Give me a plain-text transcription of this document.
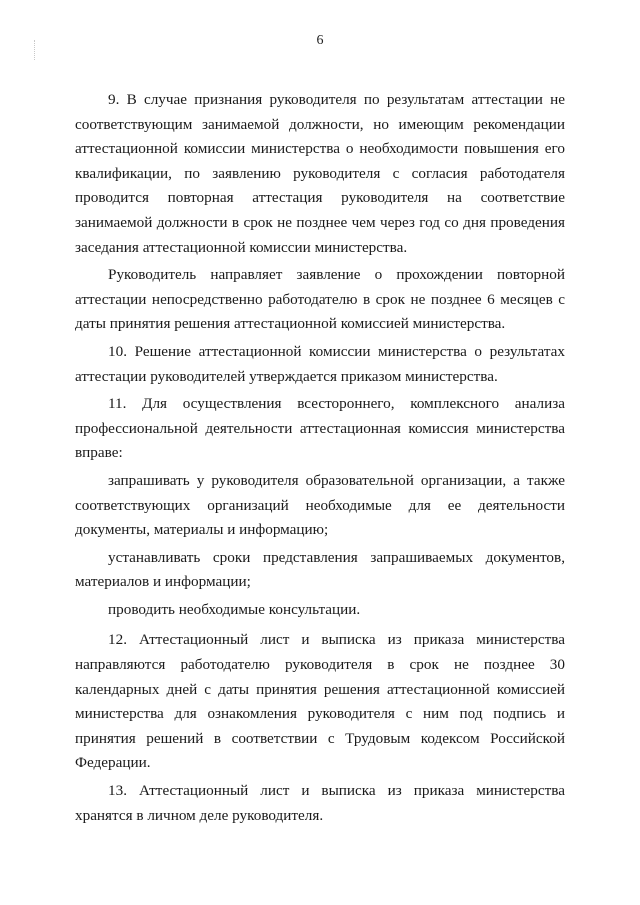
6

9. В случае признания руководителя по результатам аттестации не соответствующим занимаемой должности, но имеющим рекомендации аттестационной комиссии министерства о необходимости повышения его квалификации, по заявлению руководителя с согласия работодателя проводится повторная аттестация руководителя на соответствие занимаемой должности в срок не позднее чем через год со дня проведения заседания аттестационной комиссии министерства.

Руководитель направляет заявление о прохождении повторной аттестации непосредственно работодателю в срок не позднее 6 месяцев с даты принятия решения аттестационной комиссией министерства.

10. Решение аттестационной комиссии министерства о результатах аттестации руководителей утверждается приказом министерства.

11. Для осуществления всестороннего, комплексного анализа профессиональной деятельности аттестационная комиссия министерства вправе:

запрашивать у руководителя образовательной организации, а также соответствующих организаций необходимые для ее деятельности документы, материалы и информацию;

устанавливать сроки представления запрашиваемых документов, материалов и информации;

проводить необходимые консультации.

12. Аттестационный лист и выписка из приказа министерства направляются работодателю руководителя в срок не позднее 30 календарных дней с даты принятия решения аттестационной комиссией министерства для ознакомления руководителя с ним под подпись и принятия решений в соответствии с Трудовым кодексом Российской Федерации.

13. Аттестационный лист и выписка из приказа министерства хранятся в личном деле руководителя.
